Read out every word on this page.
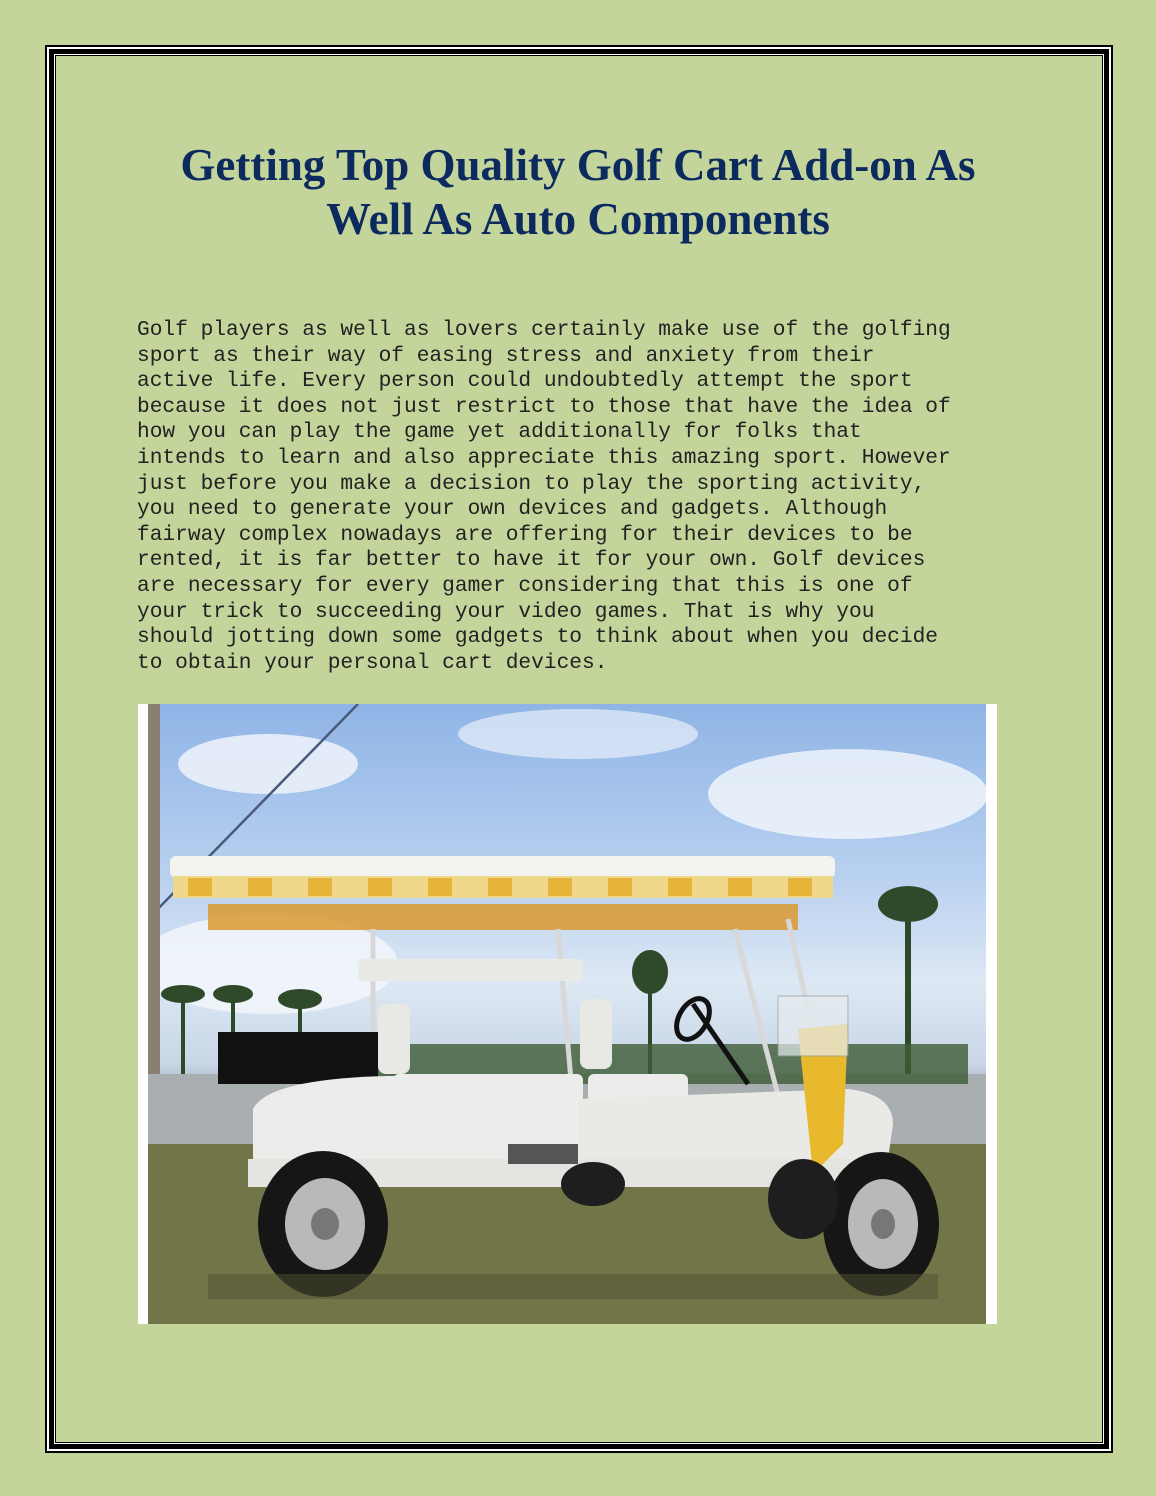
Getting Top Quality Golf Cart Add-on As
Well As Auto Components
Golf players as well as lovers certainly make use of the golfing
sport as their way of easing stress and anxiety from their
active life. Every person could undoubtedly attempt the sport
because it does not just restrict to those that have the idea of
how you can play the game yet additionally for folks that
intends to learn and also appreciate this amazing sport. However
just before you make a decision to play the sporting activity,
you need to generate your own devices and gadgets. Although
fairway complex nowadays are offering for their devices to be
rented, it is far better to have it for your own. Golf devices
are necessary for every gamer considering that this is one of
your trick to succeeding your video games. That is why you
should jotting down some gadgets to think about when you decide
to obtain your personal cart devices.
